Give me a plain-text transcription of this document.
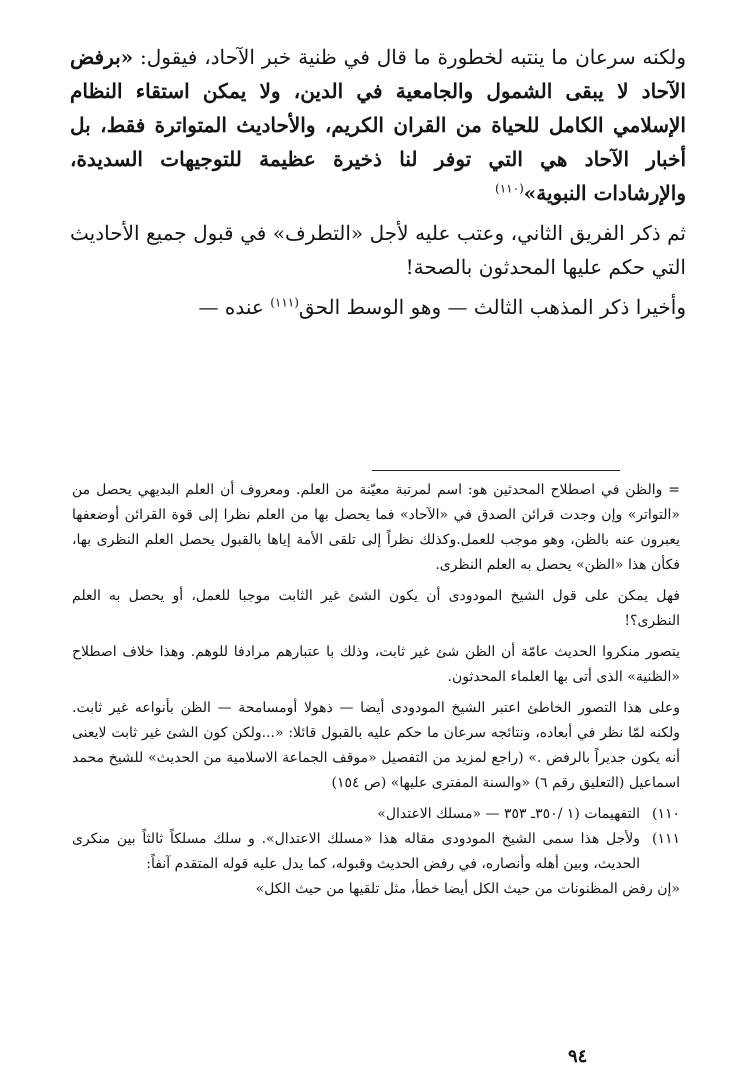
ولكنه سرعان ما ينتبه لخطورة ما قال في ظنية خبر الآحاد، فيقول: «برفض الآحاد لا يبقى الشمول والجامعية في الدين، ولا يمكن استقاء النظام الإسلامي الكامل للحياة من القران الكريم، والأحاديث المتواترة فقط، بل أخبار الآحاد هي التي توفر لنا ذخيرة عظيمة للتوجيهات السديدة، والإرشادات النبوية»$^{(١١٠)}$

ثم ذكر الفريق الثاني، وعتب عليه لأجل «التطرف» في قبول جميع الأحاديث التي حكم عليها المحدثون بالصحة!

وأخيرا ذكر المذهب الثالث — وهو الوسط الحق$^{(١١١)}$ عنده —

= والظن في اصطلاح المحدثين هو: اسم لمرتبة معيّنة من العلم. ومعروف أن العلم البديهي يحصل من «التواتر» وإن وجدت قرائن الصدق في «الآحاد» فما يحصل بها من العلم نظرا إلى قوة القرائن أوضعفها يعبرون عنه بالظن، وهو موجب للعمل.وكذلك نظراً إلى تلقى الأمة إياها بالقبول يحصل العلم النظرى بها، فكأن هذا «الظن» يحصل به العلم النظرى.

فهل يمكن على قول الشيخ المودودى أن يكون الشئ غير الثابت موجبا للعمل، أو يحصل به العلم النظرى؟!

يتصور منكروا الحديث عامّة أن الظن شئ غير ثابت، وذلك با عتبارهم مرادفا للوهم. وهذا خلاف اصطلاح «الظنية» الذى أتى بها العلماء المحدثون.

وعلى هذا التصور الخاطئ اعتبر الشيخ المودودى أيضا — ذهولا أومسامحة — الظن بأنواعه غير ثابت. ولكنه لمّا نظر في أبعاده، ونتائجه سرعان ما حكم عليه بالقبول قائلا: «...ولكن كون الشئ غير ثابت لايعنى أنه يكون جديراً بالرفض .» (راجع لمزيد من التفصيل «موقف الجماعة الاسلامية من الحديث» للشيخ محمد اسماعيل (التعليق رقم ٦) «والسنة المفترى عليها» (ص ١٥٤)

١١٠)
التفهيمات (١ /٣٥٠ـ ٣٥٣ — «مسلك الاعتدال»
١١١)
ولأجل هذا سمى الشيخ المودودى مقاله هذا «مسلك الاعتدال». و سلك مسلكاً ثالثاً بين منكرى الحديث، وبين أهله وأنصاره، في رفض الحديث وقبوله، كما يدل عليه قوله المتقدم آنفاً:

«إن رفض المظنونات من حيث الكل أيضا خطأ، مثل تلقيها من حيث الكل»

٩٤
